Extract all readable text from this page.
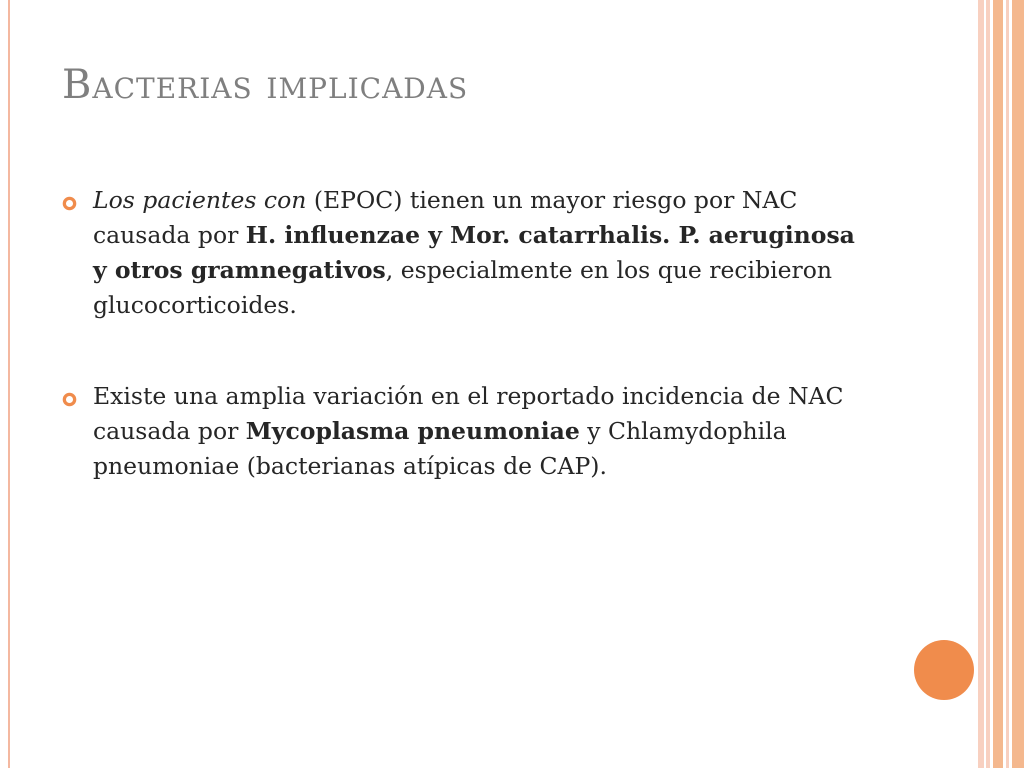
Bacterias implicadas
Los pacientes con (EPOC) tienen un mayor riesgo por NAC causada por H. influenzae y Mor. catarrhalis. P. aeruginosa y otros gramnegativos, especialmente en los que recibieron glucocorticoides.
Existe una amplia variación en el reportado incidencia de NAC causada por Mycoplasma pneumoniae y Chlamydophila pneumoniae (bacterianas atípicas de CAP).
